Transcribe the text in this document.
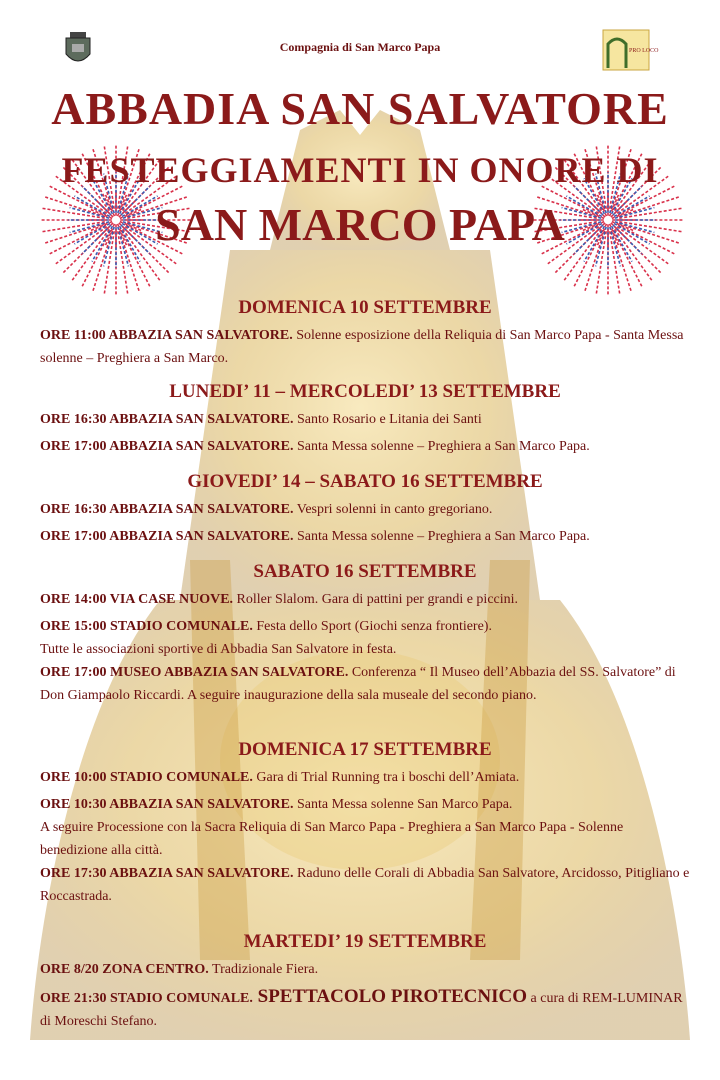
Compagnia di San Marco Papa	PRO LOCO
ABBADIA SAN SALVATORE
FESTEGGIAMENTI IN ONORE DI
SAN MARCO PAPA
DOMENICA 10 SETTEMBRE

ORE 11:00 ABBAZIA SAN SALVATORE. Solenne esposizione della Reliquia di San Marco Papa - Santa Messa solenne – Preghiera a San Marco.

LUNEDI’ 11 – MERCOLEDI’ 13 SETTEMBRE

ORE 16:30 ABBAZIA SAN SALVATORE. Santo Rosario e Litania dei Santi

ORE 17:00 ABBAZIA SAN SALVATORE. Santa Messa solenne – Preghiera a San Marco Papa.

GIOVEDI’ 14 – SABATO 16 SETTEMBRE

ORE 16:30 ABBAZIA SAN SALVATORE. Vespri solenni in canto gregoriano.

ORE 17:00 ABBAZIA SAN SALVATORE. Santa Messa solenne – Preghiera a San Marco Papa.

SABATO 16 SETTEMBRE

ORE 14:00 VIA CASE NUOVE. Roller Slalom. Gara di pattini per grandi e piccini.

ORE 15:00 STADIO COMUNALE. Festa dello Sport (Giochi senza frontiere).

Tutte le associazioni sportive di Abbadia San Salvatore in festa.

ORE 17:00 MUSEO ABBAZIA SAN SALVATORE. Conferenza “ Il Museo dell’Abbazia del SS. Salvatore” di Don Giampaolo Riccardi. A seguire inaugurazione della sala museale del secondo piano.

DOMENICA 17 SETTEMBRE

ORE 10:00 STADIO COMUNALE. Gara di Trial Running tra i boschi dell’Amiata.

ORE 10:30 ABBAZIA SAN SALVATORE. Santa Messa solenne San Marco Papa.

A seguire Processione con la Sacra Reliquia di San Marco Papa - Preghiera a San Marco Papa - Solenne benedizione alla città.

ORE 17:30 ABBAZIA SAN SALVATORE. Raduno delle Corali di Abbadia San Salvatore, Arcidosso, Pitigliano e Roccastrada.

MARTEDI’ 19 SETTEMBRE

ORE 8/20 ZONA CENTRO. Tradizionale Fiera.

ORE 21:30 STADIO COMUNALE. SPETTACOLO PIROTECNICO a cura di REM-LUMINAR di Moreschi Stefano.
